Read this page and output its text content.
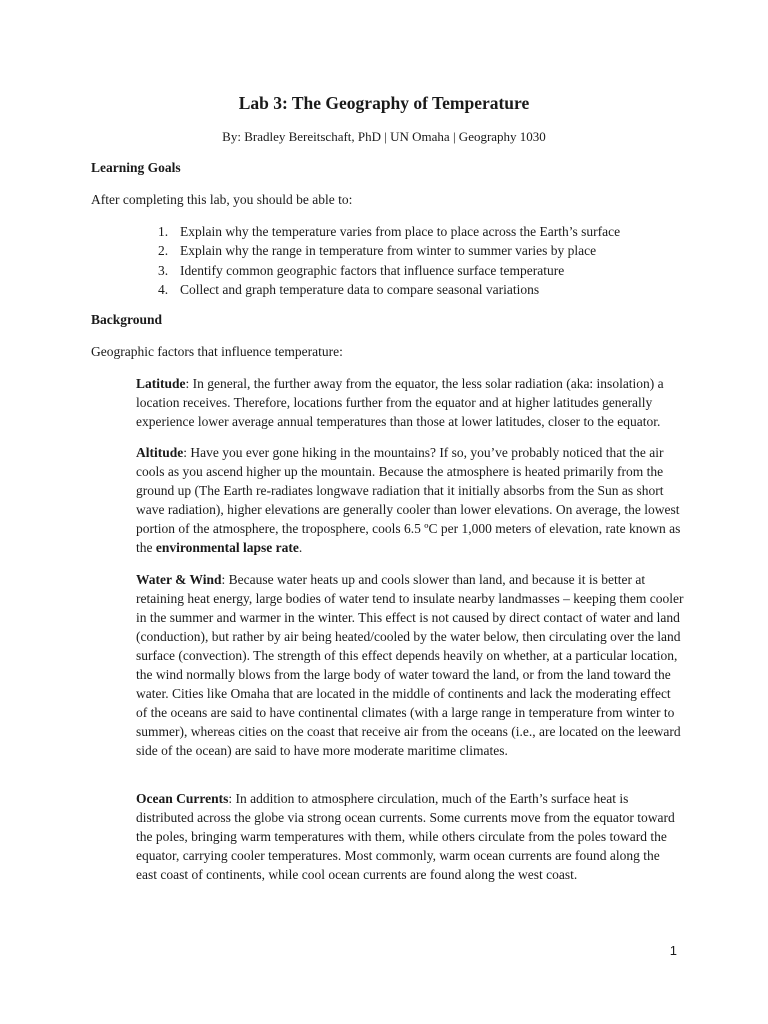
Lab 3: The Geography of Temperature

By: Bradley Bereitschaft, PhD | UN Omaha | Geography 1030

Learning Goals

After completing this lab, you should be able to:

1. Explain why the temperature varies from place to place across the Earth’s surface
2. Explain why the range in temperature from winter to summer varies by place
3. Identify common geographic factors that influence surface temperature
4. Collect and graph temperature data to compare seasonal variations

Background

Geographic factors that influence temperature:

Latitude: In general, the further away from the equator, the less solar radiation (aka: insolation) a location receives. Therefore, locations further from the equator and at higher latitudes generally experience lower average annual temperatures than those at lower latitudes, closer to the equator.

Altitude: Have you ever gone hiking in the mountains? If so, you’ve probably noticed that the air cools as you ascend higher up the mountain. Because the atmosphere is heated primarily from the ground up (The Earth re-radiates longwave radiation that it initially absorbs from the Sun as short wave radiation), higher elevations are generally cooler than lower elevations. On average, the lowest portion of the atmosphere, the troposphere, cools 6.5 ºC per 1,000 meters of elevation, rate known as the environmental lapse rate.

Water & Wind: Because water heats up and cools slower than land, and because it is better at retaining heat energy, large bodies of water tend to insulate nearby landmasses – keeping them cooler in the summer and warmer in the winter. This effect is not caused by direct contact of water and land (conduction), but rather by air being heated/cooled by the water below, then circulating over the land surface (convection). The strength of this effect depends heavily on whether, at a particular location, the wind normally blows from the large body of water toward the land, or from the land toward the water. Cities like Omaha that are located in the middle of continents and lack the moderating effect of the oceans are said to have continental climates (with a large range in temperature from winter to summer), whereas cities on the coast that receive air from the oceans (i.e., are located on the leeward side of the ocean) are said to have more moderate maritime climates.

Ocean Currents: In addition to atmosphere circulation, much of the Earth’s surface heat is distributed across the globe via strong ocean currents. Some currents move from the equator toward the poles, bringing warm temperatures with them, while others circulate from the poles toward the equator, carrying cooler temperatures. Most commonly, warm ocean currents are found along the east coast of continents, while cool ocean currents are found along the west coast.

1
